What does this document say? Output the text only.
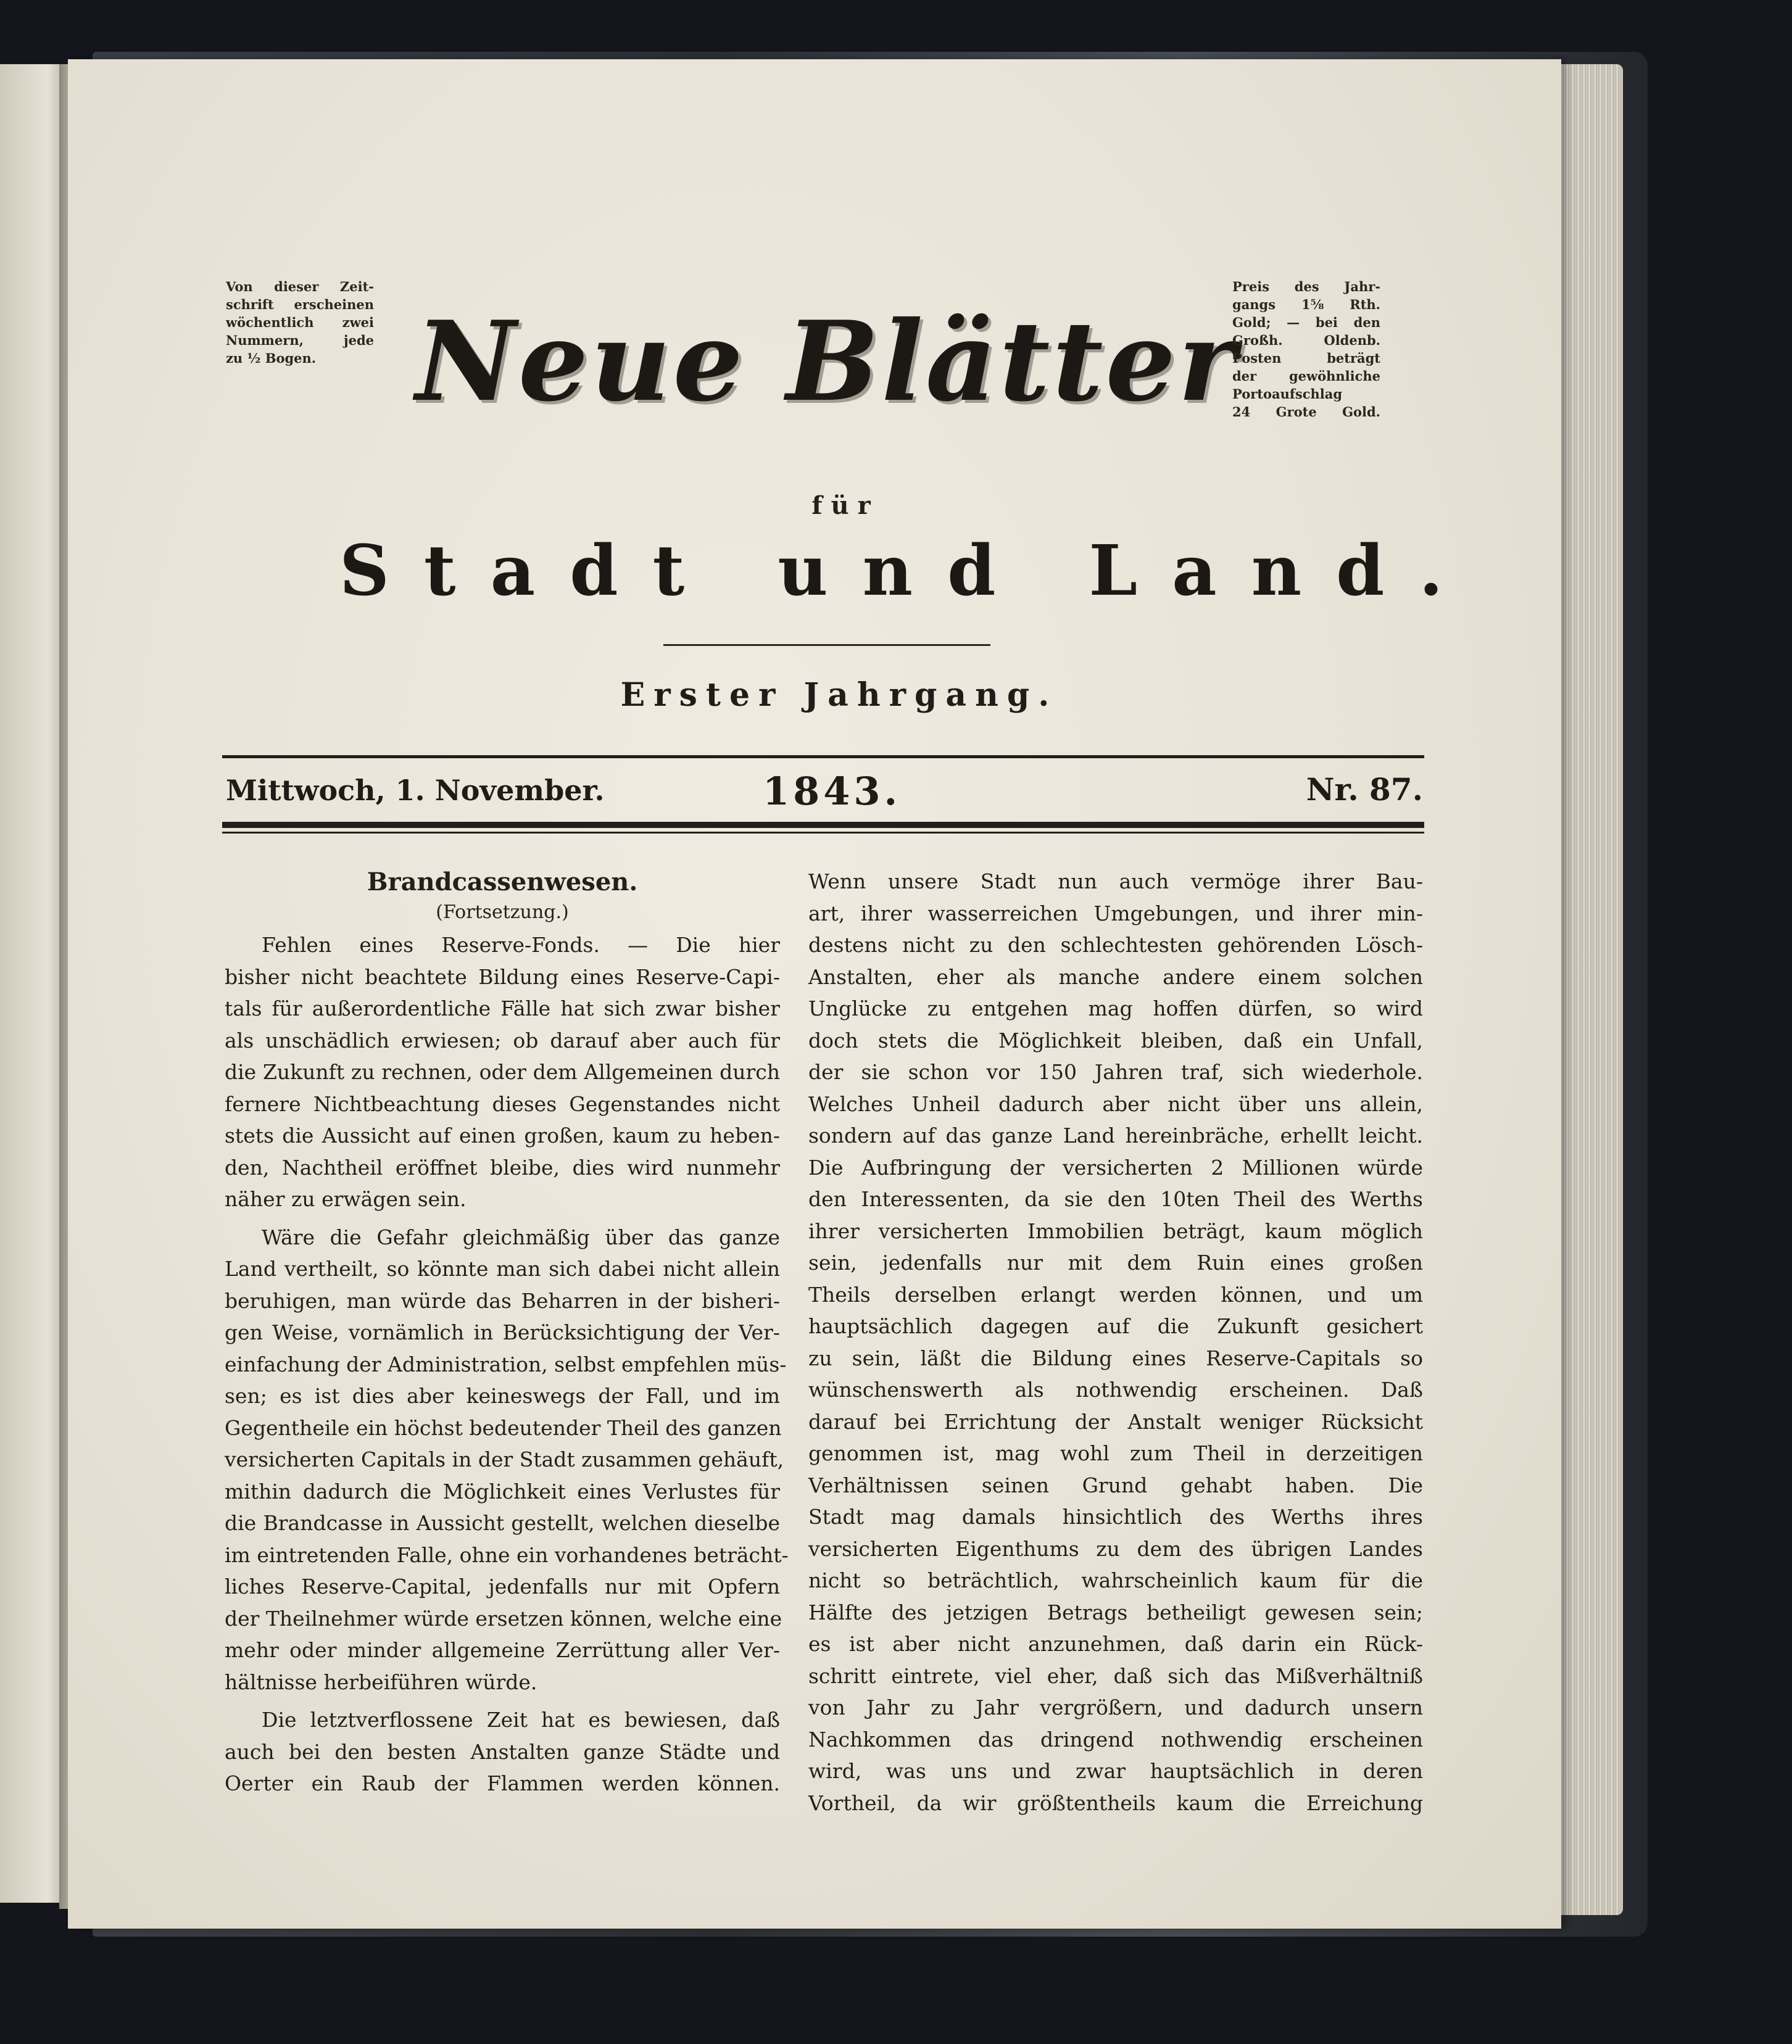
Von dieser Zeit-
schrift erscheinen
wöchentlich zwei
Nummern, jede
zu ½ Bogen. Neue Blätter
Preis des Jahr-
gangs 1⅝ Rth.
Gold; — bei den
Großh. Oldenb.
Posten beträgt
der gewöhnliche
Portoaufschlag
24 Grote Gold.
für
Stadt und Land.
Erster Jahrgang.
Mittwoch, 1. November.	1843.	Nr. 87.
Brandcassenwesen.
(Fortsetzung.)
Fehlen eines Reserve-Fonds. — Die hier
bisher nicht beachtete Bildung eines Reserve-Capi-
tals für außerordentliche Fälle hat sich zwar bisher
als unschädlich erwiesen; ob darauf aber auch für
die Zukunft zu rechnen, oder dem Allgemeinen durch
fernere Nichtbeachtung dieses Gegenstandes nicht
stets die Aussicht auf einen großen, kaum zu heben-
den, Nachtheil eröffnet bleibe, dies wird nunmehr
näher zu erwägen sein.
Wäre die Gefahr gleichmäßig über das ganze
Land vertheilt, so könnte man sich dabei nicht allein
beruhigen, man würde das Beharren in der bisheri-
gen Weise, vornämlich in Berücksichtigung der Ver-
einfachung der Administration, selbst empfehlen müs-
sen; es ist dies aber keineswegs der Fall, und im
Gegentheile ein höchst bedeutender Theil des ganzen
versicherten Capitals in der Stadt zusammen gehäuft,
mithin dadurch die Möglichkeit eines Verlustes für
die Brandcasse in Aussicht gestellt, welchen dieselbe
im eintretenden Falle, ohne ein vorhandenes beträcht-
liches Reserve-Capital, jedenfalls nur mit Opfern
der Theilnehmer würde ersetzen können, welche eine
mehr oder minder allgemeine Zerrüttung aller Ver-
hältnisse herbeiführen würde.
Die letztverflossene Zeit hat es bewiesen, daß
auch bei den besten Anstalten ganze Städte und
Oerter ein Raub der Flammen werden können.
Wenn unsere Stadt nun auch vermöge ihrer Bau-
art, ihrer wasserreichen Umgebungen, und ihrer min-
destens nicht zu den schlechtesten gehörenden Lösch-
Anstalten, eher als manche andere einem solchen
Unglücke zu entgehen mag hoffen dürfen, so wird
doch stets die Möglichkeit bleiben, daß ein Unfall,
der sie schon vor 150 Jahren traf, sich wiederhole.
Welches Unheil dadurch aber nicht über uns allein,
sondern auf das ganze Land hereinbräche, erhellt leicht.
Die Aufbringung der versicherten 2 Millionen würde
den Interessenten, da sie den 10ten Theil des Werths
ihrer versicherten Immobilien beträgt, kaum möglich
sein, jedenfalls nur mit dem Ruin eines großen
Theils derselben erlangt werden können, und um
hauptsächlich dagegen auf die Zukunft gesichert
zu sein, läßt die Bildung eines Reserve-Capitals so
wünschenswerth als nothwendig erscheinen. Daß
darauf bei Errichtung der Anstalt weniger Rücksicht
genommen ist, mag wohl zum Theil in derzeitigen
Verhältnissen seinen Grund gehabt haben. Die
Stadt mag damals hinsichtlich des Werths ihres
versicherten Eigenthums zu dem des übrigen Landes
nicht so beträchtlich, wahrscheinlich kaum für die
Hälfte des jetzigen Betrags betheiligt gewesen sein;
es ist aber nicht anzunehmen, daß darin ein Rück-
schritt eintrete, viel eher, daß sich das Mißverhältniß
von Jahr zu Jahr vergrößern, und dadurch unsern
Nachkommen das dringend nothwendig erscheinen
wird, was uns und zwar hauptsächlich in deren
Vortheil, da wir größtentheils kaum die Erreichung
